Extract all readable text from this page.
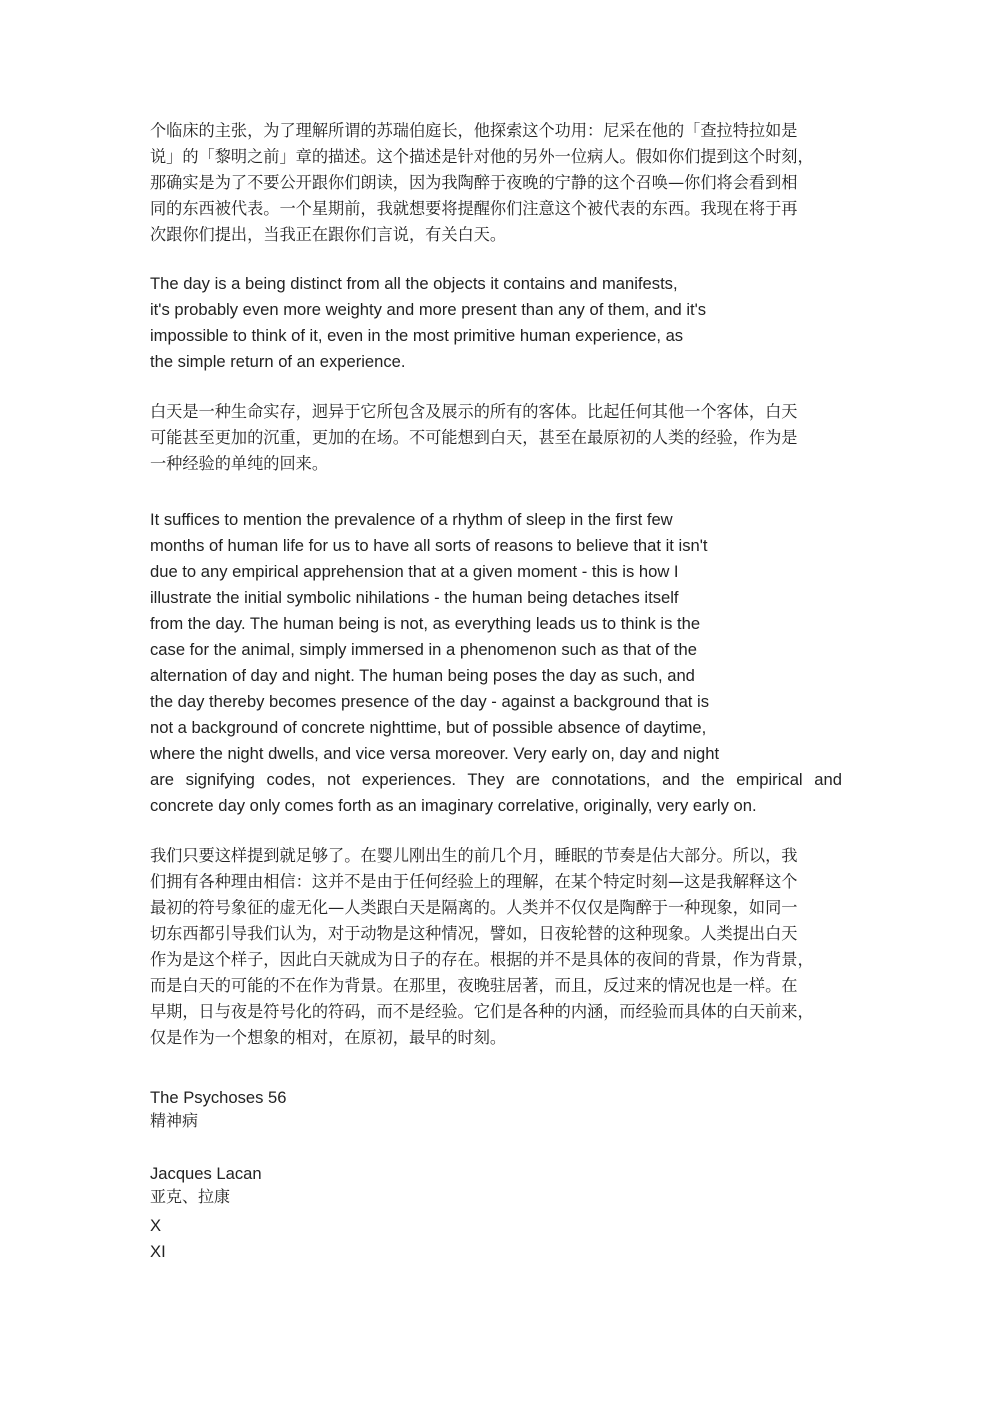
个临床的主张，为了理解所谓的苏瑞伯庭长，他探索这个功用：尼采在他的「查拉特拉如是
说」的「黎明之前」章的描述。这个描述是针对他的另外一位病人。假如你们提到这个时刻，
那确实是为了不要公开跟你们朗读，因为我陶醉于夜晚的宁静的这个召唤—你们将会看到相
同的东西被代表。一个星期前，我就想要将提醒你们注意这个被代表的东西。我现在将于再
次跟你们提出，当我正在跟你们言说，有关白天。

The day is a being distinct from all the objects it contains and manifests,
it's probably even more weighty and more present than any of them, and it's
impossible to think of it, even in the most primitive human experience, as
the simple return of an experience.

白天是一种生命实存，迥异于它所包含及展示的所有的客体。比起任何其他一个客体，白天
可能甚至更加的沉重，更加的在场。不可能想到白天，甚至在最原初的人类的经验，作为是
一种经验的单纯的回来。

It suffices to mention the prevalence of a rhythm of sleep in the first few
months of human life for us to have all sorts of reasons to believe that it isn't
due to any empirical apprehension that at a given moment - this is how I
illustrate the initial symbolic nihilations - the human being detaches itself
from the day. The human being is not, as everything leads us to think is the
case for the animal, simply immersed in a phenomenon such as that of the
alternation of day and night. The human being poses the day as such, and
the day thereby becomes presence of the day - against a background that is
not a background of concrete nighttime, but of possible absence of daytime,
where the night dwells, and vice versa moreover. Very early on, day and night
are signifying codes, not experiences. They are connotations, and the empirical and
concrete day only comes forth as an imaginary correlative, originally, very early on.

我们只要这样提到就足够了。在婴儿刚出生的前几个月，睡眠的节奏是佔大部分。所以，我
们拥有各种理由相信：这并不是由于任何经验上的理解，在某个特定时刻—这是我解释这个
最初的符号象征的虚无化—人类跟白天是隔离的。人类并不仅仅是陶醉于一种现象，如同一
切东西都引导我们认为，对于动物是这种情况，譬如，日夜轮替的这种现象。人类提出白天
作为是这个样子，因此白天就成为日子的存在。根据的并不是具体的夜间的背景，作为背景，
而是白天的可能的不在作为背景。在那里，夜晚驻居著，而且，反过来的情况也是一样。在
早期，日与夜是符号化的符码，而不是经验。它们是各种的内涵，而经验而具体的白天前来，
仅是作为一个想象的相对，在原初，最早的时刻。

The Psychoses 56

精神病

Jacques Lacan

亚克、拉康

X

XI
